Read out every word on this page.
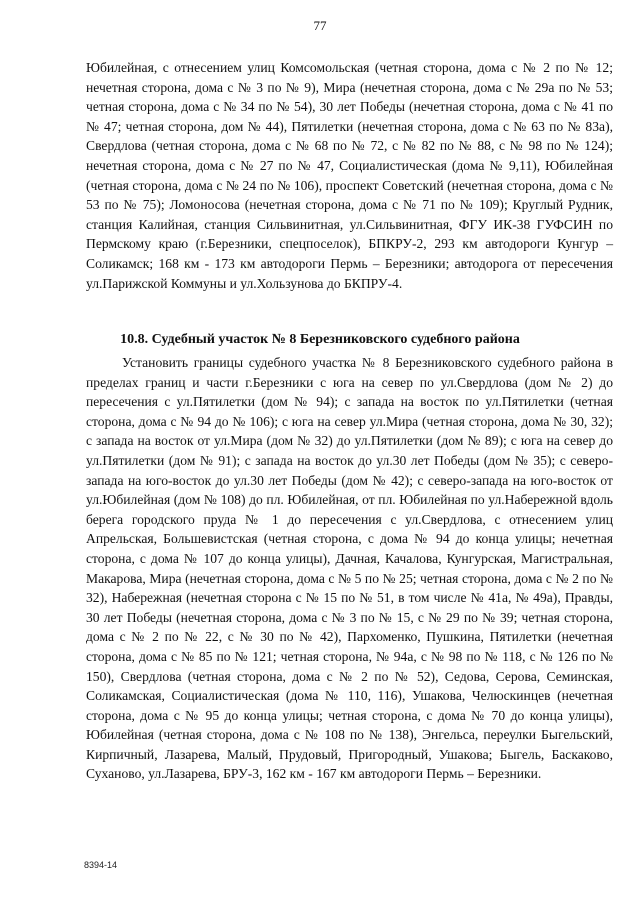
77
Юбилейная, с отнесением улиц Комсомольская (четная сторона, дома с № 2 по № 12; нечетная сторона, дома с № 3 по № 9), Мира (нечетная сторона, дома с № 29а по № 53; четная сторона, дома с № 34 по № 54), 30 лет Победы (нечетная сторона, дома с № 41 по № 47; четная сторона, дом № 44), Пятилетки (нечетная сторона, дома с № 63 по № 83а), Свердлова (четная сторона, дома с № 68 по № 72, с № 82 по № 88, с № 98 по № 124); нечетная сторона, дома с № 27 по № 47, Социалистическая (дома № 9,11), Юбилейная (четная сторона, дома с № 24 по № 106), проспект Советский (нечетная сторона, дома с № 53 по № 75); Ломоносова (нечетная сторона, дома с № 71 по № 109); Круглый Рудник, станция Калийная, станция Сильвинитная, ул.Сильвинитная, ФГУ ИК-38 ГУФСИН по Пермскому краю (г.Березники, спецпоселок), БПКРУ-2, 293 км автодороги Кунгур – Соликамск; 168 км - 173 км автодороги Пермь – Березники; автодорога от пересечения ул.Парижской Коммуны и ул.Хользунова до БКПРУ-4.
10.8. Судебный участок № 8 Березниковского судебного района
Установить границы судебного участка № 8 Березниковского судебного района в пределах границ и части г.Березники с юга на север по ул.Свердлова (дом № 2) до пересечения с ул.Пятилетки (дом № 94); с запада на восток по ул.Пятилетки (четная сторона, дома с № 94 до № 106); с юга на север ул.Мира (четная сторона, дома № 30, 32); с запада на восток от ул.Мира (дом № 32) до ул.Пятилетки (дом № 89); с юга на север до ул.Пятилетки (дом № 91); с запада на восток до ул.30 лет Победы (дом № 35); с северо-запада на юго-восток до ул.30 лет Победы (дом № 42); с северо-запада на юго-восток от ул.Юбилейная (дом № 108) до пл. Юбилейная, от пл. Юбилейная по ул.Набережной вдоль берега городского пруда № 1 до пересечения с ул.Свердлова, с отнесением улиц Апрельская, Большевистская (четная сторона, с дома № 94 до конца улицы; нечетная сторона, с дома № 107 до конца улицы), Дачная, Качалова, Кунгурская, Магистральная, Макарова, Мира (нечетная сторона, дома с № 5 по № 25; четная сторона, дома с № 2 по № 32), Набережная (нечетная сторона с № 15 по № 51, в том числе № 41а, № 49а), Правды, 30 лет Победы (нечетная сторона, дома с № 3 по № 15, с № 29 по № 39; четная сторона, дома с № 2 по № 22, с № 30 по № 42), Пархоменко, Пушкина, Пятилетки (нечетная сторона, дома с № 85 по № 121; четная сторона, № 94а, с № 98 по № 118, с № 126 по № 150), Свердлова (четная сторона, дома с № 2 по № 52), Седова, Серова, Семинская, Соликамская, Социалистическая (дома № 110, 116), Ушакова, Челюскинцев (нечетная сторона, дома с № 95 до конца улицы; четная сторона, с дома № 70 до конца улицы), Юбилейная (четная сторона, дома с № 108 по № 138), Энгельса, переулки Быгельский, Кирпичный, Лазарева, Малый, Прудовый, Пригородный, Ушакова; Быгель, Баскаково, Суханово, ул.Лазарева, БРУ-3, 162 км - 167 км автодороги Пермь – Березники.
8394-14
